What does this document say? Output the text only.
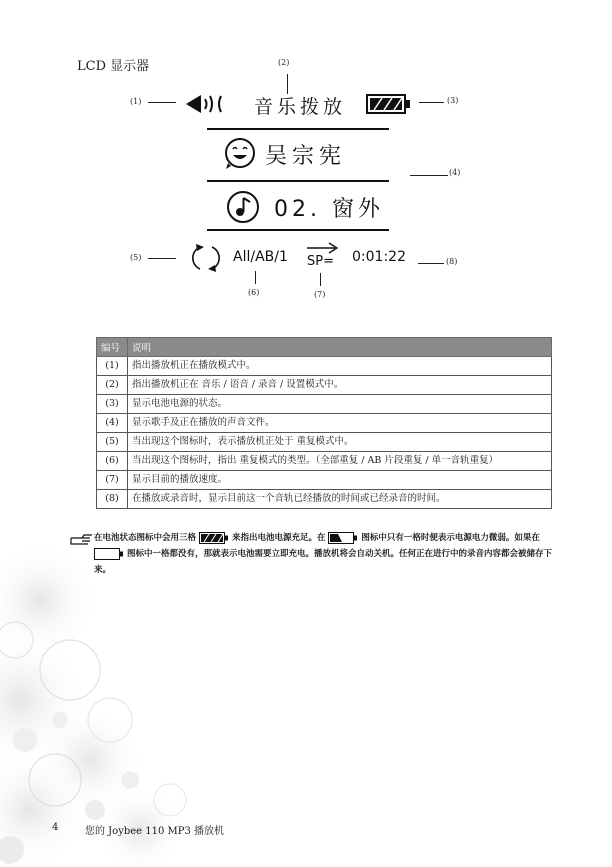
LCD 显示器	(2)
(1)	音乐拨放	(3)
吴宗宪
(4)
02. 窗外
(5)	All/AB/1 SP= 0:01:22	(8)
(6)	(7)
编号	说明
(1)	指出播放机正在播放模式中。
(2)	指出播放机正在 音乐 / 语音 / 录音 / 设置模式中。
(3)	显示电池电源的状态。
(4)	显示歌手及正在播放的声音文件。
(5)	当出现这个图标时，表示播放机正处于 重复模式中。
(6)	当出现这个图标时，指出 重复模式的类型。（全部重复 / AB 片段重复 / 单一音轨重复）
(7)	显示目前的播放速度。
(8)	在播放或录音时，显示目前这一个音轨已经播放的时间或已经录音的时间。
在电池状态图标中会用三格	来指出电池电源充足。在	图标中只有一格时便表示电源电力微弱。如果在  图标中一格都没有，那就表示电池需要立即充电。播放机将会自动关机。任何正在进行中的录音内容都会被储存下来。
4	您的 Joybee 110 MP3 播放机
